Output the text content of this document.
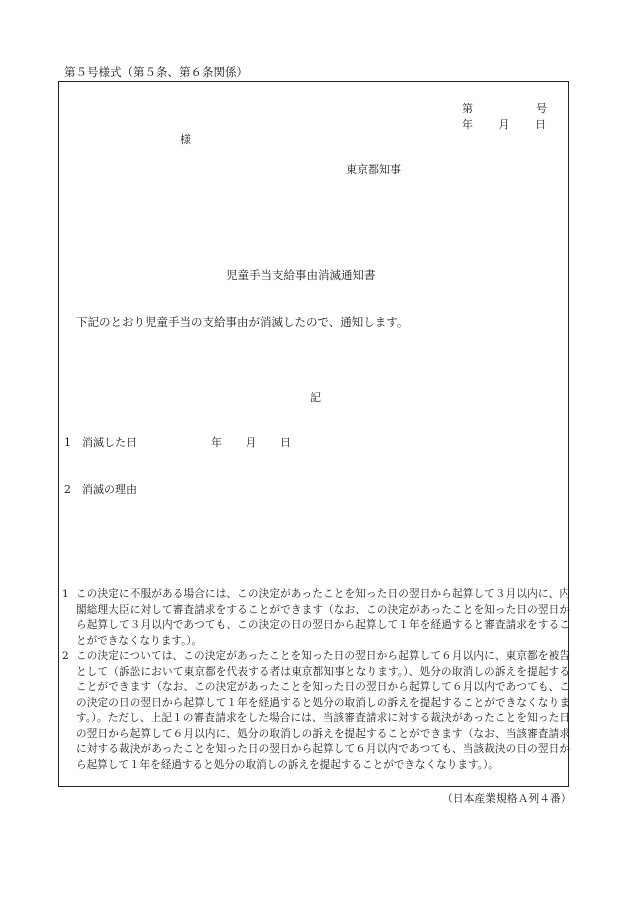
第５号様式（第５条、第６条関係）
第	号
年 月 日
様
東京都知事
児童手当支給事由消滅通知書
下記のとおり児童手当の支給事由が消滅したので、通知します。
記
1　 消滅した日	年 月 日
2　 消滅の理由
1 この決定に不服がある場合には、この決定があったことを知った日の翌日から起算して３月以内に、内閣総理大臣に対して審査請求をすることができます（なお、この決定があったことを知った日の翌日から起算して３月以内であつても、この決定の日の翌日から起算して１年を経過すると審査請求をすることができなくなります。）。
2 この決定については、この決定があったことを知った日の翌日から起算して６月以内に、東京都を被告として（訴訟において東京都を代表する者は東京都知事となります。）、処分の取消しの訴えを提起することができます（なお、この決定があったことを知った日の翌日から起算して６月以内であつても、この決定の日の翌日から起算して１年を経過すると処分の取消しの訴えを提起することができなくなります。）。ただし、上記１の審査請求をした場合には、当該審査請求に対する裁決があったことを知った日の翌日から起算して６月以内に、処分の取消しの訴えを提起することができます（なお、当該審査請求に対する裁決があったことを知った日の翌日から起算して６月以内であつても、当該裁決の日の翌日から起算して１年を経過すると処分の取消しの訴えを提起することができなくなります。）。
（日本産業規格Ａ列４番）
